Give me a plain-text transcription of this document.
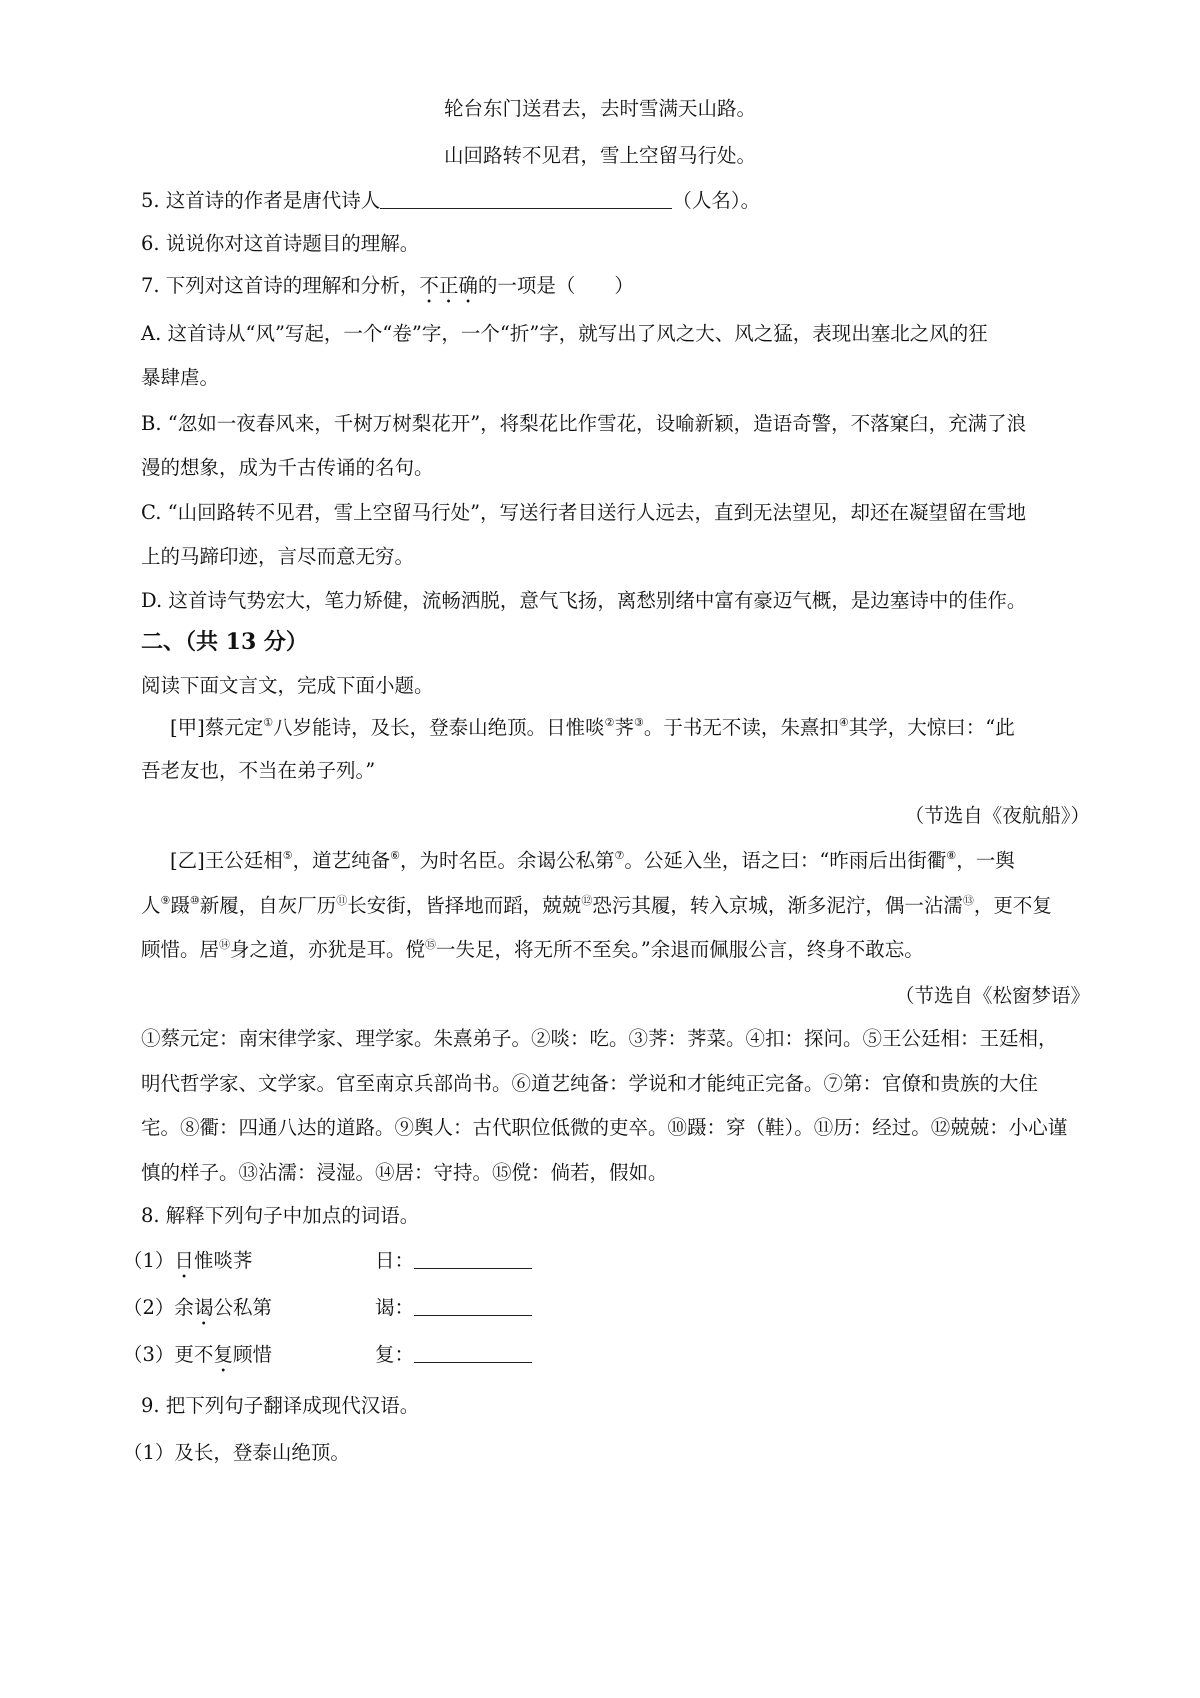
轮台东门送君去，去时雪满天山路。
山回路转不见君，雪上空留马行处。
5. 这首诗的作者是唐代诗人	（人名）。
6. 说说你对这首诗题目的理解。
7. 下列对这首诗的理解和分析，不正确的一项是（　　）
A. 这首诗从“风”写起，一个“卷”字，一个“折”字，就写出了风之大、风之猛，表现出塞北之风的狂
暴肆虐。
B. “忽如一夜春风来，千树万树梨花开”，将梨花比作雪花，设喻新颖，造语奇警，不落窠臼，充满了浪
漫的想象，成为千古传诵的名句。
C. “山回路转不见君，雪上空留马行处”，写送行者目送行人远去，直到无法望见，却还在凝望留在雪地
上的马蹄印迹，言尽而意无穷。
D. 这首诗气势宏大，笔力矫健，流畅洒脱，意气飞扬，离愁别绪中富有豪迈气概，是边塞诗中的佳作。
二、（共 13 分）
阅读下面文言文，完成下面小题。
[甲]蔡元定①八岁能诗，及长，登泰山绝顶。日惟啖②荠③。于书无不读，朱熹扣④其学，大惊曰：“此
吾老友也，不当在弟子列。”
（节选自《夜航船》）
[乙]王公廷相⑤，道艺纯备⑥，为时名臣。余谒公私第⑦。公延入坐，语之曰：“昨雨后出街衢⑧，一舆
人⑨蹑⑩新履，自灰厂历⑪长安街，皆择地而蹈，兢兢⑫恐污其履，转入京城，渐多泥泞，偶一沾濡⑬，更不复
顾惜。居⑭身之道，亦犹是耳。傥⑮一失足，将无所不至矣。”余退而佩服公言，终身不敢忘。
（节选自《松窗梦语》
①蔡元定：南宋律学家、理学家。朱熹弟子。②啖：吃。③荠：荠菜。④扣：探问。⑤王公廷相：王廷相，
明代哲学家、文学家。官至南京兵部尚书。⑥道艺纯备：学说和才能纯正完备。⑦第：官僚和贵族的大住
宅。⑧衢：四通八达的道路。⑨舆人：古代职位低微的吏卒。⑩蹑：穿（鞋）。⑪历：经过。⑫兢兢：小心谨
慎的样子。⑬沾濡：浸湿。⑭居：守持。⑮傥：倘若，假如。
8. 解释下列句子中加点的词语。
（1）日惟啖荠	日：
（2）余谒公私第	谒：
（3）更不复顾惜	复：
9. 把下列句子翻译成现代汉语。
（1）及长，登泰山绝顶。
